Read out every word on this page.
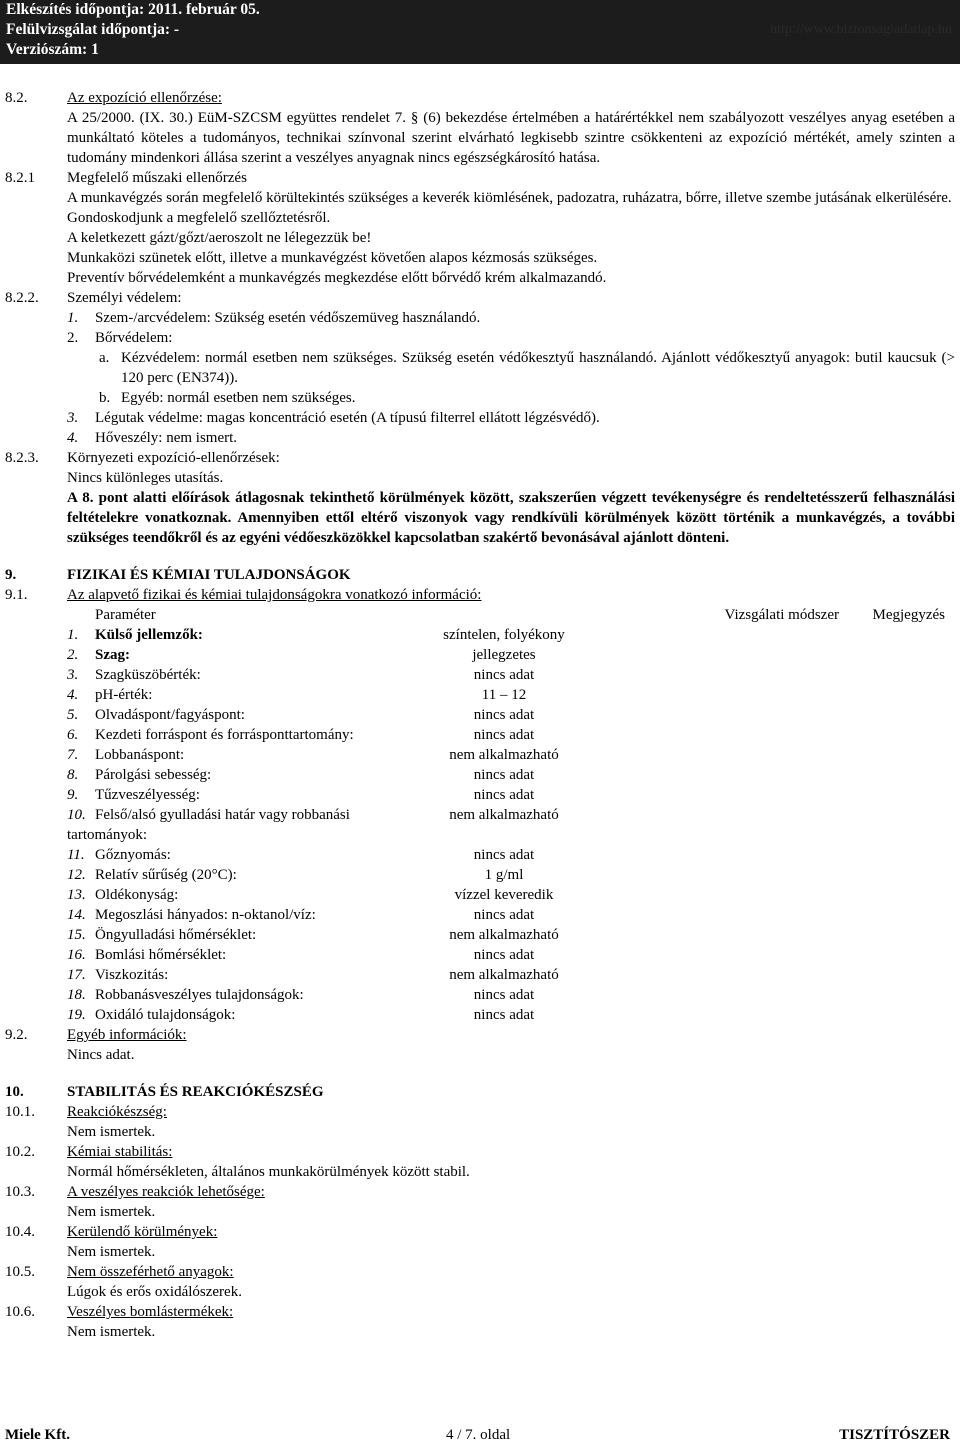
Elkészítés időpontja: 2011. február 05.
Felülvizsgálat időpontja: -
Verziószám: 1
http://www.biztonsagiadatlap.hu
8.2.	Az expozíció ellenőrzése:
A 25/2000. (IX. 30.) EüM-SZCSM együttes rendelet 7. § (6) bekezdése értelmében a határértékkel nem szabályozott veszélyes anyag esetében a munkáltató köteles a tudományos, technikai színvonal szerint elvárható legkisebb szintre csökkenteni az expozíció mértékét, amely szinten a tudomány mindenkori állása szerint a veszélyes anyagnak nincs egészségkárosító hatása.
8.2.1	Megfelelő műszaki ellenőrzés
A munkavégzés során megfelelő körültekintés szükséges a keverék kiömlésének, padozatra, ruházatra, bőrre, illetve szembe jutásának elkerülésére.
Gondoskodjunk a megfelelő szellőztetésről.
A keletkezett gázt/gőzt/aeroszolt ne lélegezzük be!
Munkaközi szünetek előtt, illetve a munkavégzést követően alapos kézmosás szükséges.
Preventív bőrvédelemként a munkavégzés megkezdése előtt bőrvédő krém alkalmazandó.
8.2.2.	Személyi védelem:
1.	Szem-/arcvédelem: Szükség esetén védőszemüveg használandó.
2.	Bőrvédelem:
a. Kézvédelem: normál esetben nem szükséges. Szükség esetén védőkesztyű használandó. Ajánlott védőkesztyű anyagok: butil kaucsuk (> 120 perc (EN374)).
b. Egyéb: normál esetben nem szükséges.
3.	Légutak védelme: magas koncentráció esetén (A típusú filterrel ellátott légzésvédő).
4.	Hőveszély: nem ismert.
8.2.3.	Környezeti expozíció-ellenőrzések:
Nincs különleges utasítás.
A 8. pont alatti előírások átlagosnak tekinthető körülmények között, szakszerűen végzett tevékenységre és rendeltetésszerű felhasználási feltételekre vonatkoznak. Amennyiben ettől eltérő viszonyok vagy rendkívüli körülmények között történik a munkavégzés, a további szükséges teendőkről és az egyéni védőeszközökkel kapcsolatban szakértő bevonásával ajánlott dönteni.
9.	FIZIKAI ÉS KÉMIAI TULAJDONSÁGOK
9.1.	Az alapvető fizikai és kémiai tulajdonságokra vonatkozó információ:
Paraméter	Vizsgálati módszer	Megjegyzés
1.	Külső jellemzők:	színtelen, folyékony
2.	Szag:	jellegzetes
3.	Szagküszöbérték:	nincs adat
4.	pH-érték:	11 – 12
5.	Olvadáspont/fagyáspont:	nincs adat
6.	Kezdeti forráspont és forrásponttartomány:	nincs adat
7.	Lobbanáspont:	nem alkalmazható
8.	Párolgási sebesség:	nincs adat
9.	Tűzveszélyesség:	nincs adat
10. Felső/alsó gyulladási határ vagy robbanási	nem alkalmazható
tartományok:
11. Gőznyomás:	nincs adat
12. Relatív sűrűség (20°C):	1 g/ml
13. Oldékonyság:	vízzel keveredik
14. Megoszlási hányados: n-oktanol/víz:	nincs adat
15. Öngyulladási hőmérséklet:	nem alkalmazható
16. Bomlási hőmérséklet:	nincs adat
17. Viszkozitás:	nem alkalmazható
18. Robbanásveszélyes tulajdonságok:	nincs adat
19. Oxidáló tulajdonságok:	nincs adat
9.2.	Egyéb információk:
Nincs adat.
10.	STABILITÁS ÉS REAKCIÓKÉSZSÉG
10.1.	Reakciókészség:
Nem ismertek.
10.2.	Kémiai stabilitás:
Normál hőmérsékleten, általános munkakörülmények között stabil.
10.3.	A veszélyes reakciók lehetősége:
Nem ismertek.
10.4.	Kerülendő körülmények:
Nem ismertek.
10.5.	Nem összeférhető anyagok:
Lúgok és erős oxidálószerek.
10.6.	Veszélyes bomlástermékek:
Nem ismertek.
Miele Kft.	4 / 7. oldal	TISZTÍTÓSZER
